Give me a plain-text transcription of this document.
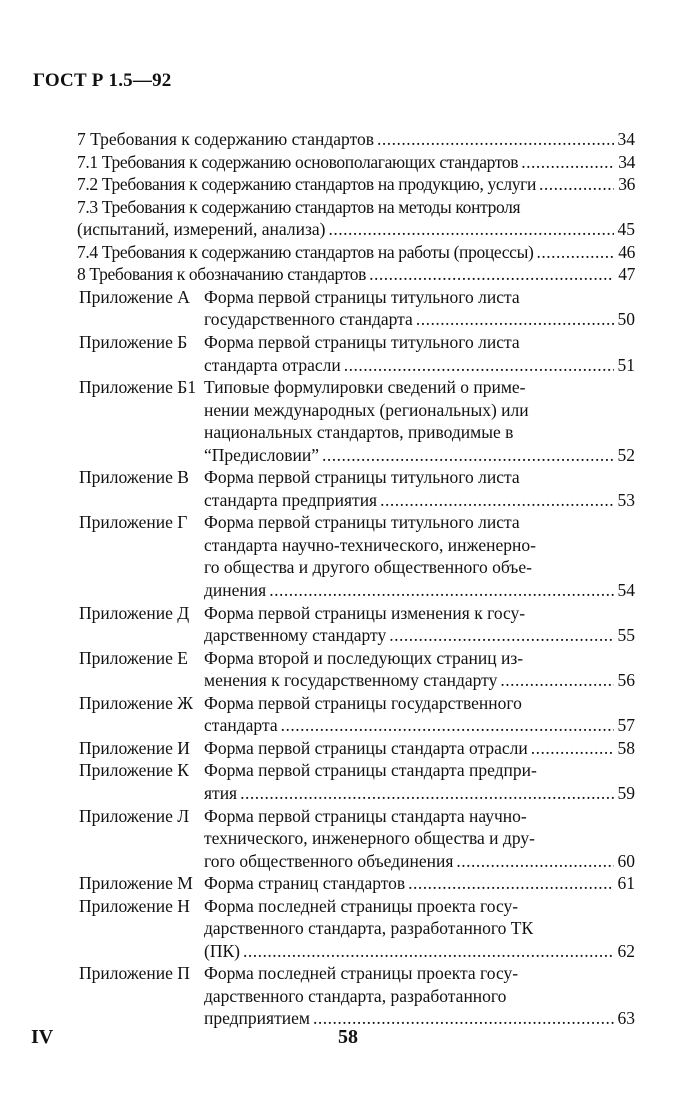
ГОСТ Р 1.5—92
7 Требования к содержанию стандартов .....	34
7.1 Требования к содержанию основополагающих стандартов .....	34
7.2 Требования к содержанию стандартов на продукцию, услуги .....	36
7.3 Требования к содержанию стандартов на методы контроля
(испытаний, измерений, анализа) .....	45
7.4 Требования к содержанию стандартов на работы (процессы) .....	46
8 Требования к обозначанию стандартов .....	47
Приложение А Форма первой страницы титульного листа
государственного стандарта .....	50
Приложение Б Форма первой страницы титульного листа
стандарта отрасли .....	51
Приложение Б1 Типовые формулировки сведений о приме-
нении международных (региональных) или
национальных стандартов, приводимые в
“Предисловии” .....	52
Приложение В Форма первой страницы титульного листа
стандарта предприятия .....	53
Приложение Г Форма первой страницы титульного листа
стандарта научно-технического, инженерно-
го общества и другого общественного объе-
динения .....	54
Приложение Д Форма первой страницы изменения к госу-
дарственному стандарту .....	55
Приложение Е Форма второй и последующих страниц из-
менения к государственному стандарту .....	56
Приложение Ж Форма первой страницы государственного
стандарта .....	57
Приложение И Форма первой страницы стандарта отрасли .....	58
Приложение К Форма первой страницы стандарта предпри-
ятия .....	59
Приложение Л Форма первой страницы стандарта научно-
технического, инженерного общества и дру-
гого общественного объединения .....	60
Приложение М Форма страниц стандартов .....	61
Приложение Н Форма последней страницы проекта госу-
дарственного стандарта, разработанного ТК
(ПК) .....	62
Приложение П Форма последней страницы проекта госу-
дарственного стандарта, разработанного
предприятием .....	63
IV	58
